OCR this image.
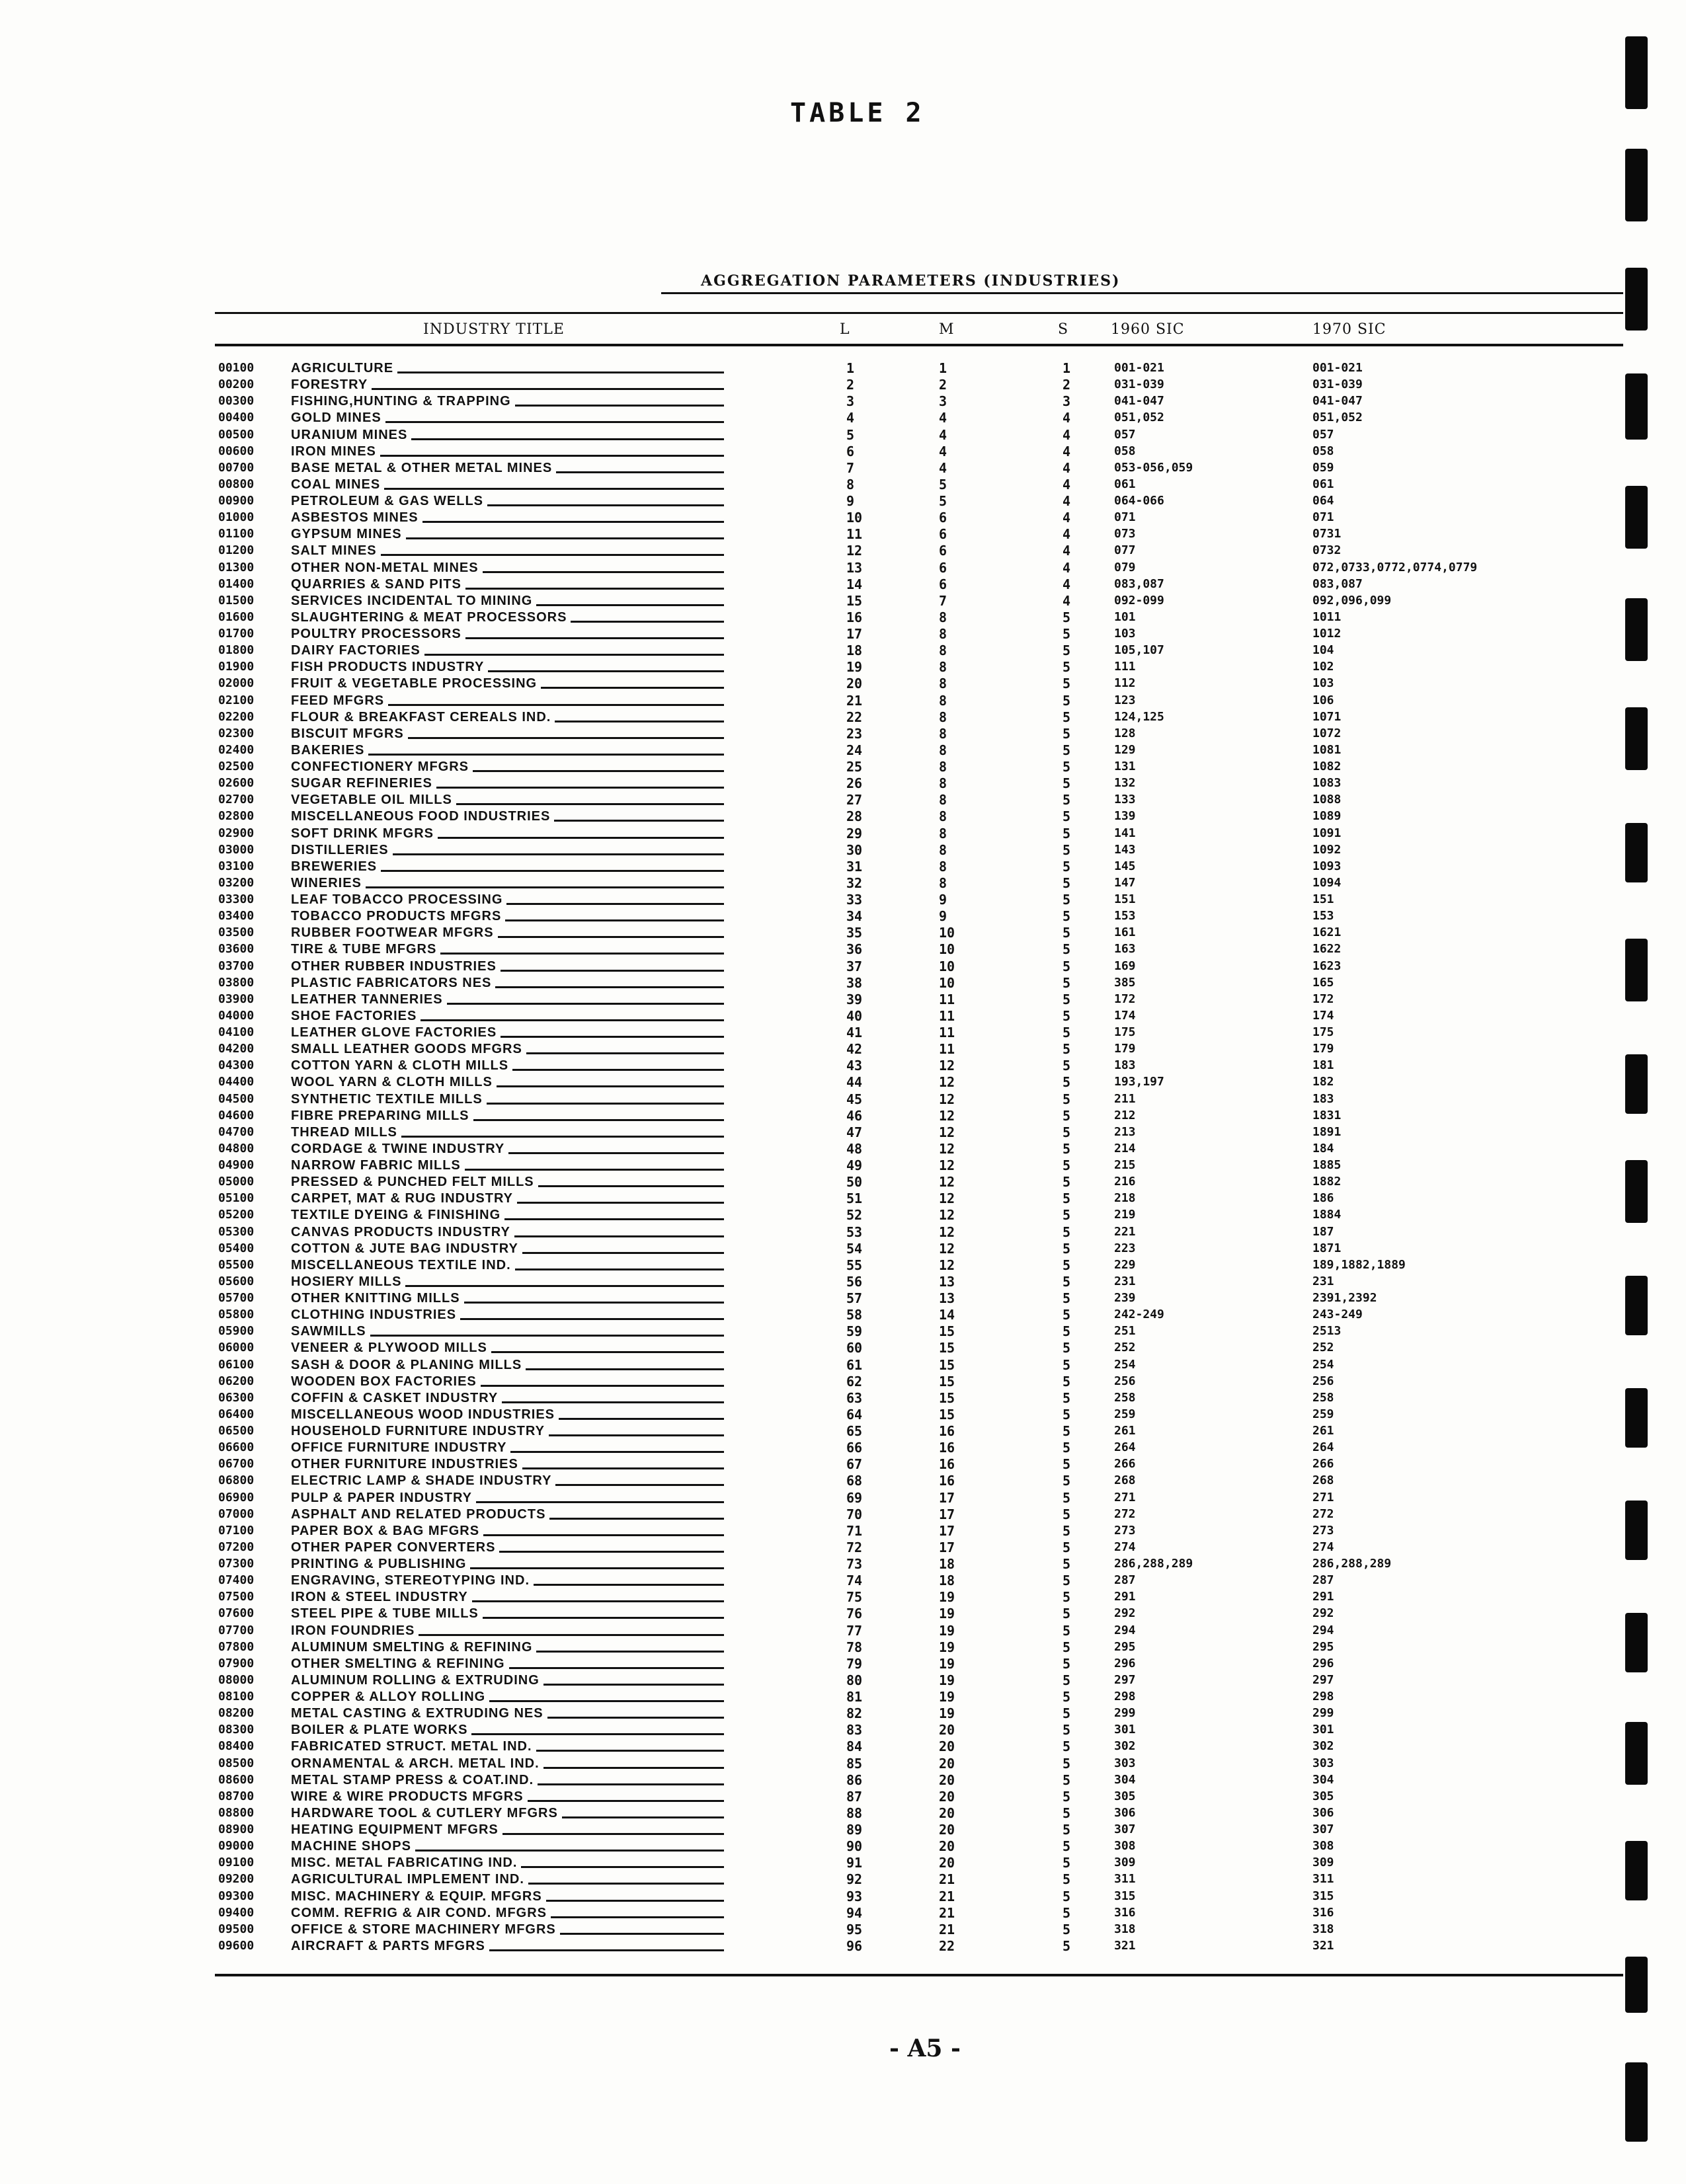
TABLE 2
AGGREGATION PARAMETERS (INDUSTRIES)
INDUSTRY TITLE	L	M	S	1960 SIC	1970 SIC
00100	AGRICULTURE	1	1	1	001-021	001-021
00200	FORESTRY	2	2	2	031-039	031-039
00300	FISHING,HUNTING & TRAPPING	3	3	3	041-047	041-047
00400	GOLD MINES	4	4	4	051,052	051,052
00500	URANIUM MINES	5	4	4	057	057
00600	IRON MINES	6	4	4	058	058
00700	BASE METAL & OTHER METAL MINES	7	4	4	053-056,059	059
00800	COAL MINES	8	5	4	061	061
00900	PETROLEUM & GAS WELLS	9	5	4	064-066	064
01000	ASBESTOS MINES	10	6	4	071	071
01100	GYPSUM MINES	11	6	4	073	0731
01200	SALT MINES	12	6	4	077	0732
01300	OTHER NON-METAL MINES	13	6	4	079	072,0733,0772,0774,0779
01400	QUARRIES & SAND PITS	14	6	4	083,087	083,087
01500	SERVICES INCIDENTAL TO MINING	15	7	4	092-099	092,096,099
01600	SLAUGHTERING & MEAT PROCESSORS	16	8	5	101	1011
01700	POULTRY PROCESSORS	17	8	5	103	1012
01800	DAIRY FACTORIES	18	8	5	105,107	104
01900	FISH PRODUCTS INDUSTRY	19	8	5	111	102
02000	FRUIT & VEGETABLE PROCESSING	20	8	5	112	103
02100	FEED MFGRS	21	8	5	123	106
02200	FLOUR & BREAKFAST CEREALS IND.	22	8	5	124,125	1071
02300	BISCUIT MFGRS	23	8	5	128	1072
02400	BAKERIES	24	8	5	129	1081
02500	CONFECTIONERY MFGRS	25	8	5	131	1082
02600	SUGAR REFINERIES	26	8	5	132	1083
02700	VEGETABLE OIL MILLS	27	8	5	133	1088
02800	MISCELLANEOUS FOOD INDUSTRIES	28	8	5	139	1089
02900	SOFT DRINK MFGRS	29	8	5	141	1091
03000	DISTILLERIES	30	8	5	143	1092
03100	BREWERIES	31	8	5	145	1093
03200	WINERIES	32	8	5	147	1094
03300	LEAF TOBACCO PROCESSING	33	9	5	151	151
03400	TOBACCO PRODUCTS MFGRS	34	9	5	153	153
03500	RUBBER FOOTWEAR MFGRS	35	10	5	161	1621
03600	TIRE & TUBE MFGRS	36	10	5	163	1622
03700	OTHER RUBBER INDUSTRIES	37	10	5	169	1623
03800	PLASTIC FABRICATORS NES	38	10	5	385	165
03900	LEATHER TANNERIES	39	11	5	172	172
04000	SHOE FACTORIES	40	11	5	174	174
04100	LEATHER GLOVE FACTORIES	41	11	5	175	175
04200	SMALL LEATHER GOODS MFGRS	42	11	5	179	179
04300	COTTON YARN & CLOTH MILLS	43	12	5	183	181
04400	WOOL YARN & CLOTH MILLS	44	12	5	193,197	182
04500	SYNTHETIC TEXTILE MILLS	45	12	5	211	183
04600	FIBRE PREPARING MILLS	46	12	5	212	1831
04700	THREAD MILLS	47	12	5	213	1891
04800	CORDAGE & TWINE INDUSTRY	48	12	5	214	184
04900	NARROW FABRIC MILLS	49	12	5	215	1885
05000	PRESSED & PUNCHED FELT MILLS	50	12	5	216	1882
05100	CARPET, MAT & RUG INDUSTRY	51	12	5	218	186
05200	TEXTILE DYEING & FINISHING	52	12	5	219	1884
05300	CANVAS PRODUCTS INDUSTRY	53	12	5	221	187
05400	COTTON & JUTE BAG INDUSTRY	54	12	5	223	1871
05500	MISCELLANEOUS TEXTILE IND.	55	12	5	229	189,1882,1889
05600	HOSIERY MILLS	56	13	5	231	231
05700	OTHER KNITTING MILLS	57	13	5	239	2391,2392
05800	CLOTHING INDUSTRIES	58	14	5	242-249	243-249
05900	SAWMILLS	59	15	5	251	2513
06000	VENEER & PLYWOOD MILLS	60	15	5	252	252
06100	SASH & DOOR & PLANING MILLS	61	15	5	254	254
06200	WOODEN BOX FACTORIES	62	15	5	256	256
06300	COFFIN & CASKET INDUSTRY	63	15	5	258	258
06400	MISCELLANEOUS WOOD INDUSTRIES	64	15	5	259	259
06500	HOUSEHOLD FURNITURE INDUSTRY	65	16	5	261	261
06600	OFFICE FURNITURE INDUSTRY	66	16	5	264	264
06700	OTHER FURNITURE INDUSTRIES	67	16	5	266	266
06800	ELECTRIC LAMP & SHADE INDUSTRY	68	16	5	268	268
06900	PULP & PAPER INDUSTRY	69	17	5	271	271
07000	ASPHALT AND RELATED PRODUCTS	70	17	5	272	272
07100	PAPER BOX & BAG MFGRS	71	17	5	273	273
07200	OTHER PAPER CONVERTERS	72	17	5	274	274
07300	PRINTING & PUBLISHING	73	18	5	286,288,289	286,288,289
07400	ENGRAVING, STEREOTYPING IND.	74	18	5	287	287
07500	IRON & STEEL INDUSTRY	75	19	5	291	291
07600	STEEL PIPE & TUBE MILLS	76	19	5	292	292
07700	IRON FOUNDRIES	77	19	5	294	294
07800	ALUMINUM SMELTING & REFINING	78	19	5	295	295
07900	OTHER SMELTING & REFINING	79	19	5	296	296
08000	ALUMINUM ROLLING & EXTRUDING	80	19	5	297	297
08100	COPPER & ALLOY ROLLING	81	19	5	298	298
08200	METAL CASTING & EXTRUDING NES	82	19	5	299	299
08300	BOILER & PLATE WORKS	83	20	5	301	301
08400	FABRICATED STRUCT. METAL IND.	84	20	5	302	302
08500	ORNAMENTAL & ARCH. METAL IND.	85	20	5	303	303
08600	METAL STAMP PRESS & COAT.IND.	86	20	5	304	304
08700	WIRE & WIRE PRODUCTS MFGRS	87	20	5	305	305
08800	HARDWARE TOOL & CUTLERY MFGRS	88	20	5	306	306
08900	HEATING EQUIPMENT MFGRS	89	20	5	307	307
09000	MACHINE SHOPS	90	20	5	308	308
09100	MISC. METAL FABRICATING IND.	91	20	5	309	309
09200	AGRICULTURAL IMPLEMENT IND.	92	21	5	311	311
09300	MISC. MACHINERY & EQUIP. MFGRS	93	21	5	315	315
09400	COMM. REFRIG & AIR COND. MFGRS	94	21	5	316	316
09500	OFFICE & STORE MACHINERY MFGRS	95	21	5	318	318
09600	AIRCRAFT & PARTS MFGRS	96	22	5	321	321
- A5 -
